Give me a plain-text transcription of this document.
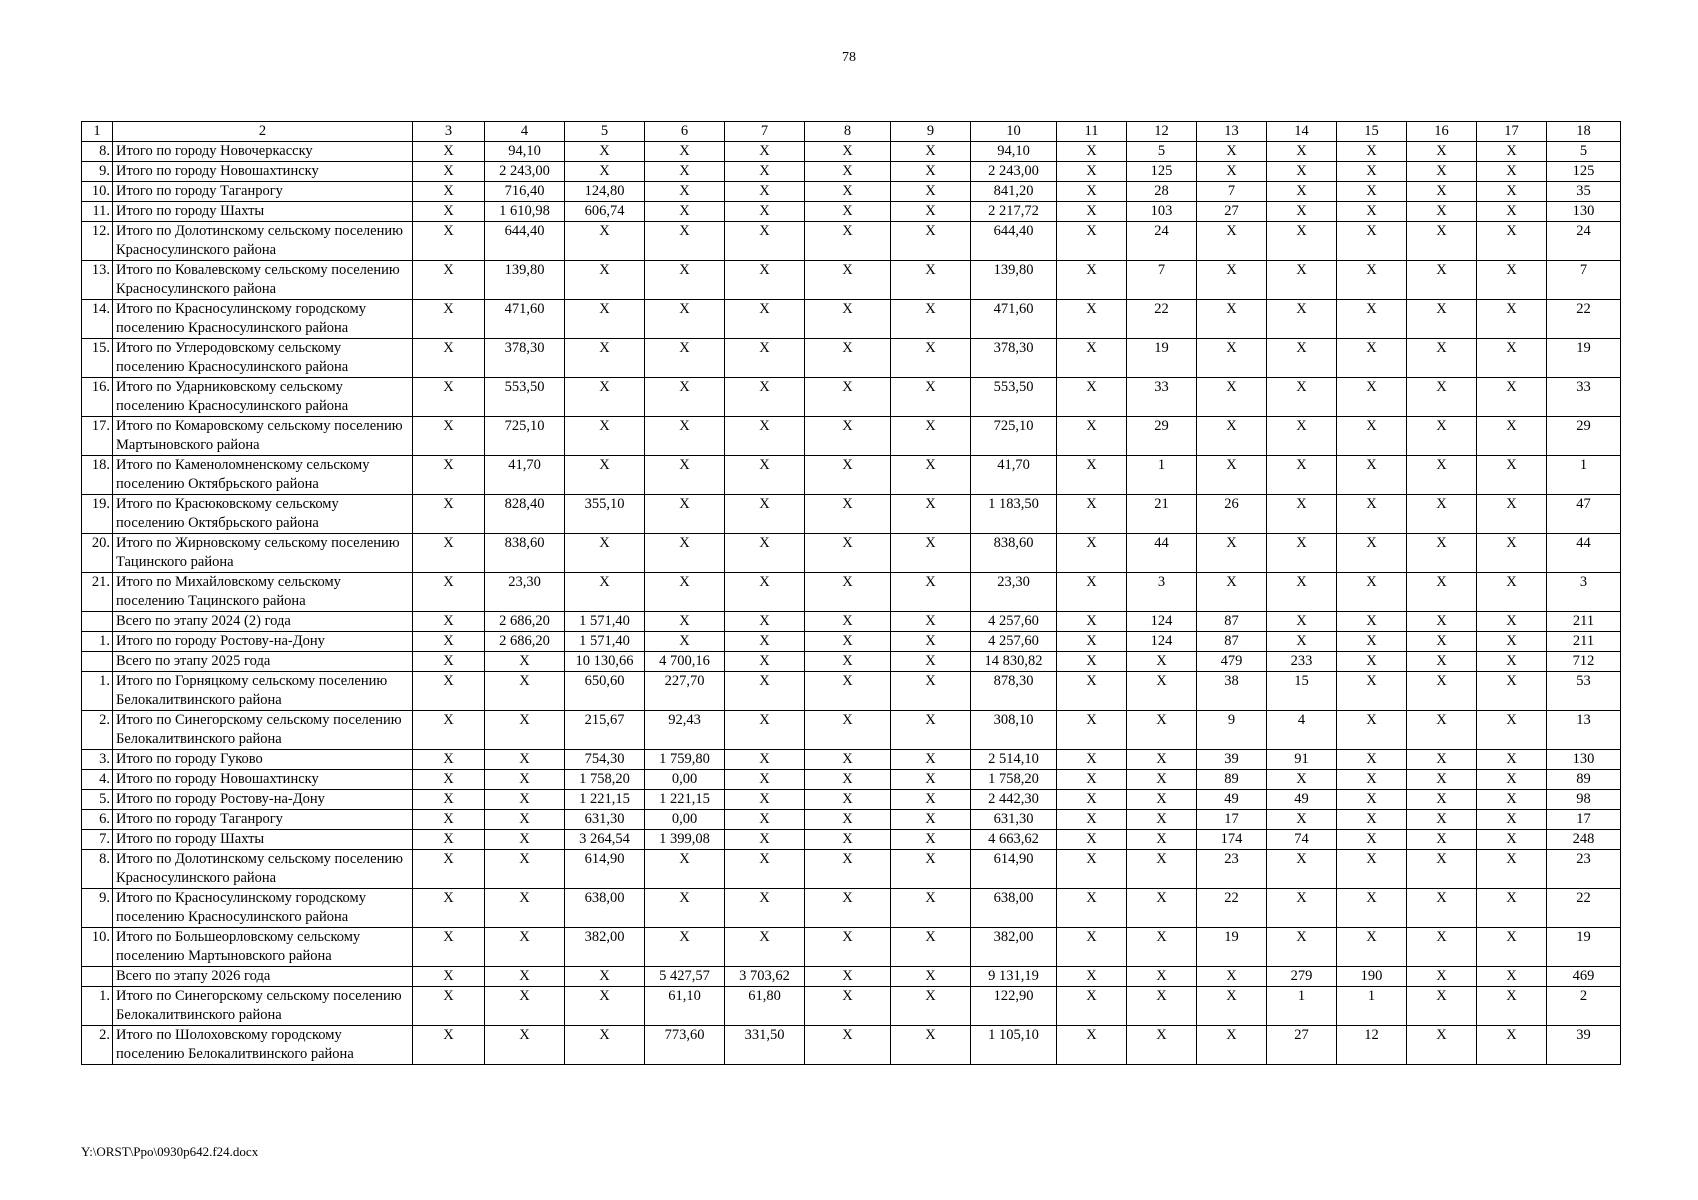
78
1	2	3	4	5	6	7	8	9	10	11	12	13	14	15	16	17	18
8.	Итого по городу Новочеркасску	X	94,10	X	X	X	X	X	94,10	X	5	X	X	X	X	X	5
9.	Итого по городу Новошахтинску	X	2 243,00	X	X	X	X	X	2 243,00	X	125	X	X	X	X	X	125
10.	Итого по городу Таганрогу	X	716,40	124,80	X	X	X	X	841,20	X	28	7	X	X	X	X	35
11.	Итого по городу Шахты	X	1 610,98	606,74	X	X	X	X	2 217,72	X	103	27	X	X	X	X	130
12.	Итого по Долотинскому сельскому поселению Красносулинского района	X	644,40	X	X	X	X	X	644,40	X	24	X	X	X	X	X	24
13.	Итого по Ковалевскому сельскому поселению Красносулинского района	X	139,80	X	X	X	X	X	139,80	X	7	X	X	X	X	X	7
14.	Итого по Красносулинскому городскому поселению Красносулинского района	X	471,60	X	X	X	X	X	471,60	X	22	X	X	X	X	X	22
15.	Итого по Углеродовскому сельскому поселению Красносулинского района	X	378,30	X	X	X	X	X	378,30	X	19	X	X	X	X	X	19
16.	Итого по Ударниковскому сельскому поселению Красносулинского района	X	553,50	X	X	X	X	X	553,50	X	33	X	X	X	X	X	33
17.	Итого по Комаровскому сельскому поселению Мартыновского района	X	725,10	X	X	X	X	X	725,10	X	29	X	X	X	X	X	29
18.	Итого по Каменоломненскому сельскому поселению Октябрьского района	X	41,70	X	X	X	X	X	41,70	X	1	X	X	X	X	X	1
19.	Итого по Красюковскому сельскому поселению Октябрьского района	X	828,40	355,10	X	X	X	X	1 183,50	X	21	26	X	X	X	X	47
20.	Итого по Жирновскому сельскому поселению Тацинского района	X	838,60	X	X	X	X	X	838,60	X	44	X	X	X	X	X	44
21.	Итого по Михайловскому сельскому поселению Тацинского района	X	23,30	X	X	X	X	X	23,30	X	3	X	X	X	X	X	3
	Всего по этапу 2024 (2) года	X	2 686,20	1 571,40	X	X	X	X	4 257,60	X	124	87	X	X	X	X	211
1.	Итого по городу Ростову-на-Дону	X	2 686,20	1 571,40	X	X	X	X	4 257,60	X	124	87	X	X	X	X	211
	Всего по этапу 2025 года	X	X	10 130,66	4 700,16	X	X	X	14 830,82	X	X	479	233	X	X	X	712
1.	Итого по Горняцкому сельскому поселению Белокалитвинского района	X	X	650,60	227,70	X	X	X	878,30	X	X	38	15	X	X	X	53
2.	Итого по Синегорскому сельскому поселению Белокалитвинского района	X	X	215,67	92,43	X	X	X	308,10	X	X	9	4	X	X	X	13
3.	Итого по городу Гуково	X	X	754,30	1 759,80	X	X	X	2 514,10	X	X	39	91	X	X	X	130
4.	Итого по городу Новошахтинску	X	X	1 758,20	0,00	X	X	X	1 758,20	X	X	89	X	X	X	X	89
5.	Итого по городу Ростову-на-Дону	X	X	1 221,15	1 221,15	X	X	X	2 442,30	X	X	49	49	X	X	X	98
6.	Итого по городу Таганрогу	X	X	631,30	0,00	X	X	X	631,30	X	X	17	X	X	X	X	17
7.	Итого по городу Шахты	X	X	3 264,54	1 399,08	X	X	X	4 663,62	X	X	174	74	X	X	X	248
8.	Итого по Долотинскому сельскому поселению Красносулинского района	X	X	614,90	X	X	X	X	614,90	X	X	23	X	X	X	X	23
9.	Итого по Красносулинскому городскому поселению Красносулинского района	X	X	638,00	X	X	X	X	638,00	X	X	22	X	X	X	X	22
10.	Итого по Большеорловскому сельскому поселению Мартыновского района	X	X	382,00	X	X	X	X	382,00	X	X	19	X	X	X	X	19
	Всего по этапу 2026 года	X	X	X	5 427,57	3 703,62	X	X	9 131,19	X	X	X	279	190	X	X	469
1.	Итого по Синегорскому сельскому поселению Белокалитвинского района	X	X	X	61,10	61,80	X	X	122,90	X	X	X	1	1	X	X	2
2.	Итого по Шолоховскому городскому поселению Белокалитвинского района	X	X	X	773,60	331,50	X	X	1 105,10	X	X	X	27	12	X	X	39
Y:\ORST\Ppo\0930p642.f24.docx
